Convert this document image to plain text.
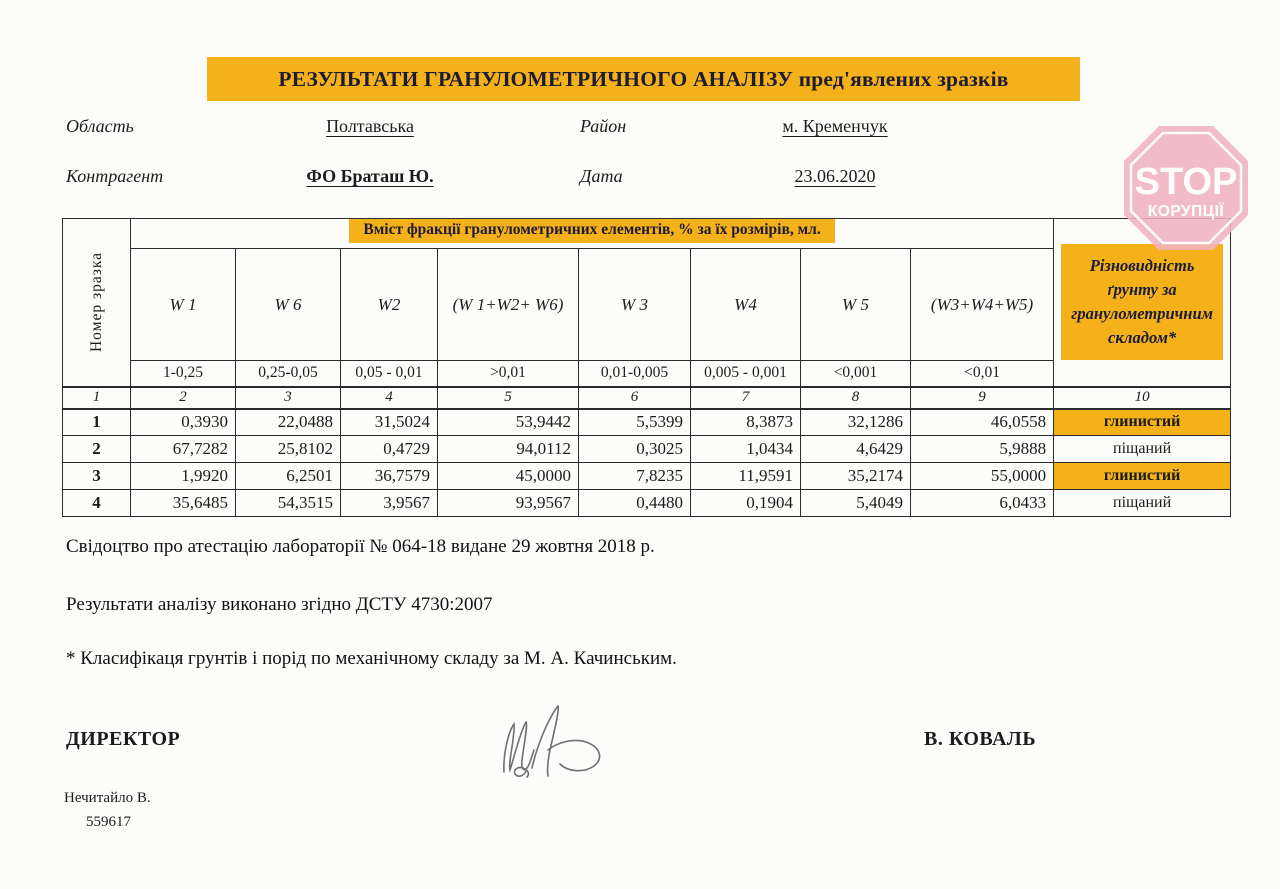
РЕЗУЛЬТАТИ ГРАНУЛОМЕТРИЧНОГО АНАЛІЗУ пред'явлених зразків
Область	Полтавська	Район	м. Кременчук
Контрагент	ФО Браташ Ю.	Дата	23.06.2020
Номер зразка	Вміст фракції гранулометричних елементів, % за їх розмірів, мл.								Різновидність ґрунту за гранулометричним складом*

	W 1	W 6	W2	(W 1+W2+ W6)	W 3	W4	W 5	(W3+W4+W5)	
	1-0,25	0,25-0,05	0,05 - 0,01	>0,01	0,01-0,005	0,005 - 0,001	<0,001	<0,01	
1	2	3	4	5	6	7	8	9	10
1	0,3930	22,0488	31,5024	53,9442	5,5399	8,3873	32,1286	46,0558	глинистий
2	67,7282	25,8102	0,4729	94,0112	0,3025	1,0434	4,6429	5,9888	піщаний
3	1,9920	6,2501	36,7579	45,0000	7,8235	11,9591	35,2174	55,0000	глинистий
4	35,6485	54,3515	3,9567	93,9567	0,4480	0,1904	5,4049	6,0433	піщаний
Свідоцтво про атестацію лабораторії № 064-18 видане 29 жовтня 2018 р.
Результати аналізу виконано згідно ДСТУ 4730:2007
* Класифікаця грунтів і порід по механічному складу за М. А. Качинським.
ДИРЕКТОР	В. КОВАЛЬ
Нечитайло В.
559617
STOP
КОРУПЦІЇ
